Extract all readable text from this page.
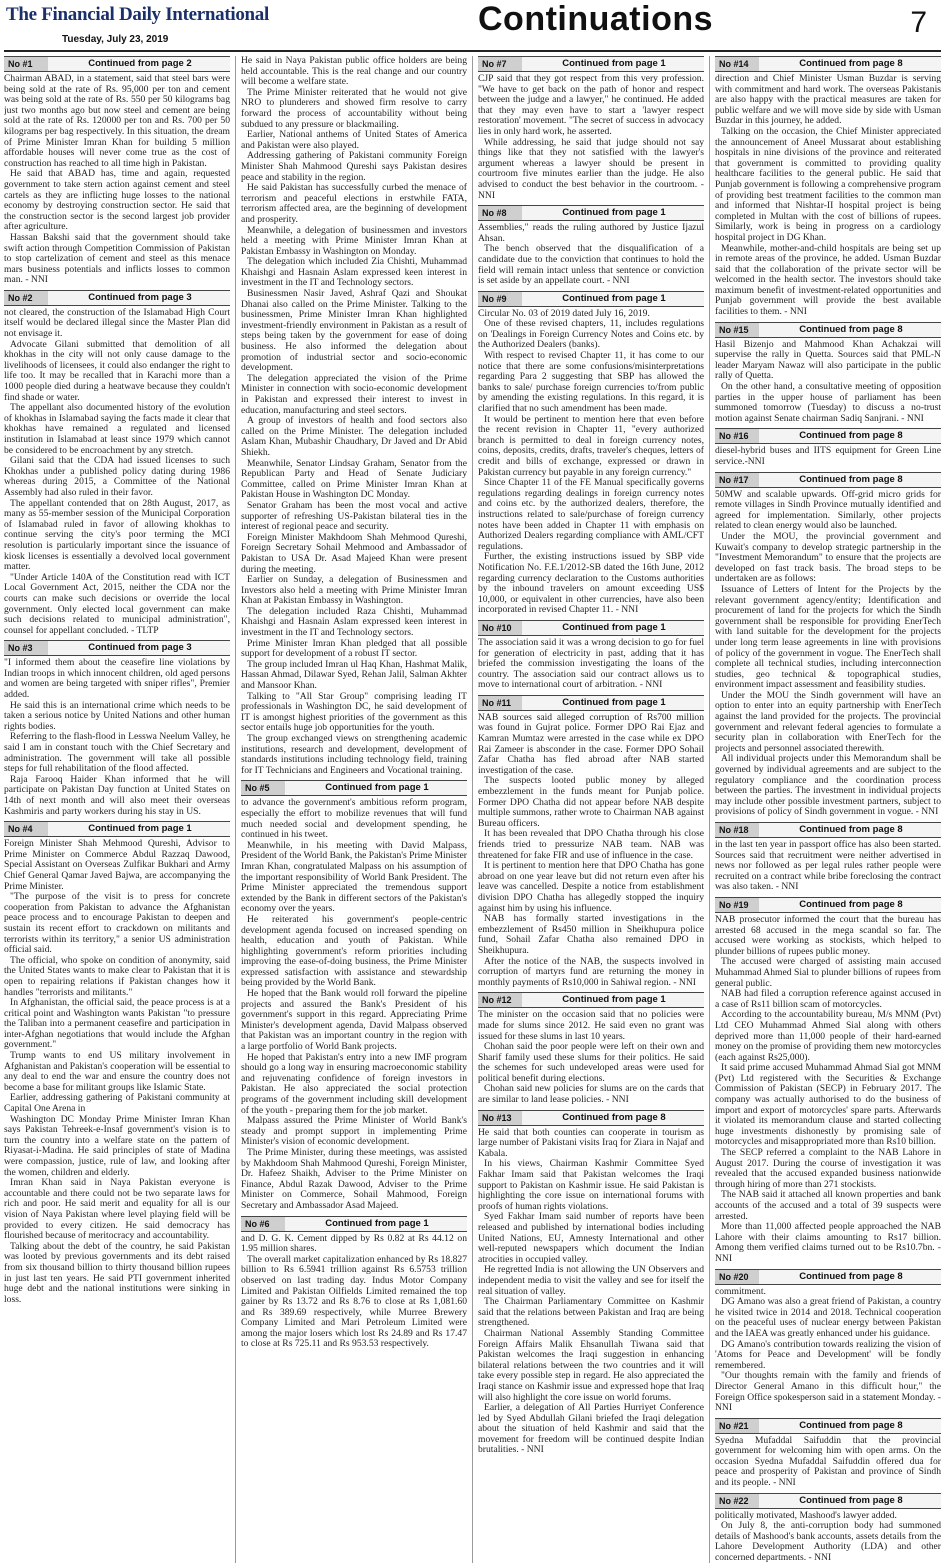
The Financial Daily International
Tuesday, July 23, 2019
Continuations	7
No #1	Continued from page 2

Chairman ABAD, in a statement, said that steel bars were being sold at the rate of Rs. 95,000 per ton and cement was being sold at the rate of Rs. 550 per 50 kilograms bag just two months ago but now steel and cement are being sold at the rate of Rs. 120000 per ton and Rs. 700 per 50 kilograms per bag respectively. In this situation, the dream of Prime Minister Imran Khan for building 5 million affordable houses will never come true as the cost of construction has reached to all time high in Pakistan.

He said that ABAD has, time and again, requested government to take stern action against cement and steel cartels as they are inflicting huge losses to the national economy by destroying construction sector. He said that the construction sector is the second largest job provider after agriculture.

Hassan Bakshi said that the government should take swift action through Competition Commission of Pakistan to stop cartelization of cement and steel as this menace mars business potentials and inflicts losses to common man. - NNI

No #2	Continued from page 3

not cleared, the construction of the Islamabad High Court itself would be declared illegal since the Master Plan did not envisage it.

Advocate Gilani submitted that demolition of all khokhas in the city will not only cause damage to the livelihoods of licensees, it could also endanger the right to life too. It may be recalled that in Karachi more than a 1000 people died during a heatwave because they couldn't find shade or water.

The appellant also documented history of the evolution of khokhas in Islamabad saying the facts made it clear that khokhas have remained a regulated and licensed institution in Islamabad at least since 1979 which cannot be considered to be encroachment by any stretch.

Gilani said that the CDA had issued licenses to such Khokhas under a published policy dating during 1986 whereas during 2015, a Committee of the National Assembly had also ruled in their favor.

The appellant contended that on 28th August, 2017, as many as 55-member session of the Municipal Corporation of Islamabad ruled in favor of allowing khokhas to continue serving the city's poor terming the MCI resolution is particularly important since the issuance of kiosk licenses is essentially a devolved local government matter.

"Under Article 140A of the Constitution read with ICT Local Government Act, 2015, neither the CDA nor the courts can make such decisions or override the local government. Only elected local government can make such decisions related to municipal administration", counsel for appellant concluded. - TLTP

No #3	Continued from page 3

"I informed them about the ceasefire line violations by Indian troops in which innocent children, old aged persons and women are being targeted with sniper rifles", Premier added.

He said this is an international crime which needs to be taken a serious notice by United Nations and other human rights bodies.

Referring to the flash-flood in Lesswa Neelum Valley, he said I am in constant touch with the Chief Secretary and administration. The government will take all possible steps for full rehabilitation of the flood affected.

Raja Farooq Haider Khan informed that he will participate on Pakistan Day function at United States on 14th of next month and will also meet their overseas Kashmiris and party workers during his stay in US.

No #4	Continued from page 1

Foreign Minister Shah Mehmood Qureshi, Advisor to Prime Minister on Commerce Abdul Razzaq Dawood, Special Assistant on Overseas Zulfikar Bukhari and Army Chief General Qamar Javed Bajwa, are accompanying the Prime Minister.

"The purpose of the visit is to press for concrete cooperation from Pakistan to advance the Afghanistan peace process and to encourage Pakistan to deepen and sustain its recent effort to crackdown on militants and terrorists within its territory," a senior US administration official said.

The official, who spoke on condition of anonymity, said the United States wants to make clear to Pakistan that it is open to repairing relations if Pakistan changes how it handles "terrorists and militants."

In Afghanistan, the official said, the peace process is at a critical point and Washington wants Pakistan "to pressure the Taliban into a permanent ceasefire and participation in inter-Afghan negotiations that would include the Afghan government."

Trump wants to end US military involvement in Afghanistan and Pakistan's cooperation will be essential to any deal to end the war and ensure the country does not become a base for militant groups like Islamic State.

Earlier, addressing gathering of Pakistani community at Capital One Arena in

Washington DC Monday Prime Minister Imran Khan says Pakistan Tehreek-e-Insaf government's vision is to turn the country into a welfare state on the pattern of Riyasat-i-Madina. He said principles of state of Madina were compassion, justice, rule of law, and looking after the women, children and elderly.

Imran Khan said in Naya Pakistan everyone is accountable and there could not be two separate laws for rich and poor. He said merit and equality for all is our vision of Naya Pakistan where level playing field will be provided to every citizen. He said democracy has flourished because of meritocracy and accountability.

Talking about the debt of the country, he said Pakistan was looted by previous governments and its debt raised from six thousand billion to thirty thousand billion rupees in just last ten years. He said PTI government inherited huge debt and the national institutions were sinking in loss.

He said in Naya Pakistan public office holders are being held accountable. This is the real change and our country will become a welfare state.

The Prime Minister reiterated that he would not give NRO to plunderers and showed firm resolve to carry forward the process of accountability without being subdued to any pressure or blackmailing.

Earlier, National anthems of United States of America and Pakistan were also played.

Addressing gathering of Pakistani community Foreign Minister Shah Mahmood Qureshi says Pakistan desires peace and stability in the region.

He said Pakistan has successfully curbed the menace of terrorism and peaceful elections in erstwhile FATA, terrorism affected area, are the beginning of development and prosperity.

Meanwhile, a delegation of businessmen and investors held a meeting with Prime Minister Imran Khan at Pakistan Embassy in Washington on Monday.

The delegation which included Zia Chishti, Muhammad Khaishgi and Hasnain Aslam expressed keen interest in investment in the IT and Technology sectors.

Businessmen Nasir Javed, Ashraf Qazi and Shoukat Dhanai also called on the Prime Minister. Talking to the businessmen, Prime Minister Imran Khan highlighted investment-friendly environment in Pakistan as a result of steps being taken by the government for ease of doing business. He also informed the delegation about promotion of industrial sector and socio-economic development.

The delegation appreciated the vision of the Prime Minister in connection with socio-economic development in Pakistan and expressed their interest to invest in education, manufacturing and steel sectors.

A group of investors of health and food sectors also called on the Prime Minister. The delegation included Aslam Khan, Mubashir Chaudhary, Dr Javed and Dr Abid Shiekh.

Meanwhile, Senator Lindsay Graham, Senator from the Republican Party and Head of Senate Judiciary Committee, called on Prime Minister Imran Khan at Pakistan House in Washington DC Monday.

Senator Graham has been the most vocal and active supporter of refreshing US-Pakistan bilateral ties in the interest of regional peace and security.

Foreign Minister Makhdoom Shah Mehmood Qureshi, Foreign Secretary Sohail Mehmood and Ambassador of Pakistan to USA Dr. Asad Majeed Khan were present during the meeting.

Earlier on Sunday, a delegation of Businessmen and Investors also held a meeting with Prime Minister Imran Khan at Pakistan Embassy in Washington.

The delegation included Raza Chishti, Muhammad Khaishgi and Hasnain Aslam expressed keen interest in investment in the IT and Technology sectors.

Prime Minister Imran Khan pledged that all possible support for development of a robust IT sector.

The group included Imran ul Haq Khan, Hashmat Malik, Hassan Ahmad, Dilawar Syed, Rehan Jalil, Salman Akhter and Mansoor Khan.

Talking to "All Star Group" comprising leading IT professionals in Washington DC, he said development of IT is amongst highest priorities of the government as this sector entails huge job opportunities for the youth.

The group exchanged views on strengthening academic institutions, research and development, development of standards institutions including technology field, training for IT Technicians and Engineers and Vocational training.

No #5	Continued from page 1

to advance the government's ambitious reform program, especially the effort to mobilize revenues that will fund much needed social and development spending, he continued in his tweet.

Meanwhile, in his meeting with David Malpass, President of the World Bank, the Pakistan's Prime Minister Imran Khan, congratulated Malpass on his assumption of the important responsibility of World Bank President. The Prime Minister appreciated the tremendous support extended by the Bank in different sectors of the Pakistan's economy over the years.

He reiterated his government's people-centric development agenda focused on increased spending on health, education and youth of Pakistan. While highlighting government's reform priorities including improving the ease-of-doing business, the Prime Minister expressed satisfaction with assistance and stewardship being provided by the World Bank.

He hoped that the Bank would roll forward the pipeline projects and assured the Bank's President of his government's support in this regard. Appreciating Prime Minister's development agenda, David Malpass observed that Pakistan was an important country in the region with a large portfolio of World Bank projects.

He hoped that Pakistan's entry into a new IMF program should go a long way in ensuring macroeconomic stability and rejuvenating confidence of foreign investors in Pakistan. He also appreciated the social protection programs of the government including skill development of the youth - preparing them for the job market.

Malpass assured the Prime Minister of World Bank's steady and prompt support in implementing Prime Minister's vision of economic development.

The Prime Minister, during these meetings, was assisted by Makhdoom Shah Mahmood Qureshi, Foreign Minister, Dr. Hafeez Shaikh, Adviser to the Prime Minister on Finance, Abdul Razak Dawood, Adviser to the Prime Minister on Commerce, Sohail Mahmood, Foreign Secretary and Ambassador Asad Majeed.

No #6	Continued from page 1

and D. G. K. Cement dipped by Rs 0.82 at Rs 44.12 on 1.95 million shares.

The overall market capitalization enhanced by Rs 18.827 billion to Rs 6.5941 trillion against Rs 6.5753 trillion observed on last trading day. Indus Motor Company Limited and Pakistan Oilfields Limited remained the top gainer by Rs 13.72 and Rs 8.76 to close at Rs 1,081.60 and Rs 389.69 respectively, while Murree Brewery Company Limited and Mari Petroleum Limited were among the major losers which lost Rs 24.89 and Rs 17.47 to close at Rs 725.11 and Rs 953.53 respectively.

No #7	Continued from page 1

CJP said that they got respect from this very profession. "We have to get back on the path of honor and respect between the judge and a lawyer," he continued. He added that they may even have to start a 'lawyer respect restoration' movement. "The secret of success in advocacy lies in only hard work, he asserted.

While addressing, he said that judge should not say things like that they not satisfied with the lawyer's argument whereas a lawyer should be present in courtroom five minutes earlier than the judge. He also advised to conduct the best behavior in the courtroom. - NNI

No #8	Continued from page 1

Assemblies," reads the ruling authored by Justice Ijazul Ahsan.

The bench observed that the disqualification of a candidate due to the conviction that continues to hold the field will remain intact unless that sentence or conviction is set aside by an appellate court. - NNI

No #9	Continued from page 1

Circular No. 03 of 2019 dated July 16, 2019.

One of these revised chapters, 11, includes regulations on 'Dealings in Foreign Currency Notes and Coins etc. by the Authorized Dealers (banks).

With respect to revised Chapter 11, it has come to our notice that there are some confusions/misinterpretations regarding Para 2 suggesting that SBP has allowed the banks to sale/ purchase foreign currencies to/from public by amending the existing regulations. In this regard, it is clarified that no such amendment has been made.

It would be pertinent to mention here that even before the recent revision in Chapter 11, "every authorized branch is permitted to deal in foreign currency notes, coins, deposits, credits, drafts, traveler's cheques, letters of credit and bills of exchange, expressed or drawn in Pakistan currency but payable in any foreign currency."

Since Chapter 11 of the FE Manual specifically governs regulations regarding dealings in foreign currency notes and coins etc. by the authorized dealers, therefore, the instructions related to sale/purchase of foreign currency notes have been added in Chapter 11 with emphasis on Authorized Dealers regarding compliance with AML/CFT regulations.

Further, the existing instructions issued by SBP vide Notification No. F.E.1/2012-SB dated the 16th June, 2012 regarding currency declaration to the Customs authorities by the inbound travelers on amount exceeding US$ 10,000, or equivalent in other currencies, have also been incorporated in revised Chapter 11. - NNI

No #10	Continued from page 1

The association said it was a wrong decision to go for fuel for generation of electricity in past, adding that it has briefed the commission investigating the loans of the country. The association said our contract allows us to move to international court of arbitration. - NNI

No #11	Continued from page 1

NAB sources said alleged corruption of Rs700 million was found in Gujrat police. Former DPO Rai Ejaz and Kamran Mumtaz were arrested in the case while ex DPO Rai Zameer is absconder in the case. Former DPO Sohail Zafar Chatha has fled abroad after NAB started investigation of the case.

The suspects looted public money by alleged embezzlement in the funds meant for Punjab police. Former DPO Chatha did not appear before NAB despite multiple summons, rather wrote to Chairman NAB against Bureau officers.

It has been revealed that DPO Chatha through his close friends tried to pressurize NAB team. NAB was threatened for fake FIR and use of influence in the case.

It is pertinent to mention here that DPO Chatha has gone abroad on one year leave but did not return even after his leave was cancelled. Despite a notice from establishment division DPO Chatha has allegedly stopped the inquiry against him by using his influence.

NAB has formally started investigations in the embezzlement of Rs450 million in Sheikhupura police fund, Sohail Zafar Chatha also remained DPO in Sheikhupura.

After the notice of the NAB, the suspects involved in corruption of martyrs fund are returning the money in monthly payments of Rs10,000 in Sahiwal region. - NNI

No #12	Continued from page 1

The minister on the occasion said that no policies were made for slums since 2012. He said even no grant was issued for these slums in last 10 years.

Chohan said the poor people were left on their own and Sharif family used these slums for their politics. He said the schemes for such undeveloped areas were used for political benefit during elections.

Chohan said new policies for slums are on the cards that are similar to land lease policies. - NNI

No #13	Continued from page 8

He said that both counties can cooperate in tourism as large number of Pakistani visits Iraq for Ziara in Najaf and Kabala.

In his views, Chairman Kashmir Committee Syed Fakhar Imam said that Pakistan welcomes the Iraqi support to Pakistan on Kashmir issue. He said Pakistan is highlighting the core issue on international forums with proofs of human rights violations.

Syed Fakhar Imam said number of reports have been released and published by international bodies including United Nations, EU, Amnesty International and other well-reputed newspapers which document the Indian atrocities in occupied valley.

He regretted India is not allowing the UN Observers and independent media to visit the valley and see for itself the real situation of valley.

The Chairman Parliamentary Committee on Kashmir said that the relations between Pakistan and Iraq are being strengthened.

Chairman National Assembly Standing Committee Foreign Affairs Malik Ehsanullah Tiwana said that Pakistan welcomes the Iraqi suggestion in enhancing bilateral relations between the two countries and it will take every possible step in regard. He also appreciated the Iraqi stance on Kashmir issue and expressed hope that Iraq will also highlight the core issue on world forums.

Earlier, a delegation of All Parties Hurriyet Conference led by Syed Abdullah Gilani briefed the Iraqi delegation about the situation of held Kashmir and said that the movement for freedom will be continued despite Indian brutalities. - NNI

No #14	Continued from page 8

direction and Chief Minister Usman Buzdar is serving with commitment and hard work. The overseas Pakistanis are also happy with the practical measures are taken for public welfare and we will move side by side with Usman Buzdar in this journey, he added.

Talking on the occasion, the Chief Minister appreciated the announcement of Aneel Mussarat about establishing hospitals in nine divisions of the province and reiterated that government is committed to providing quality healthcare facilities to the general public. He said that Punjab government is following a comprehensive program of providing best treatment facilities to the common man and informed that Nishtar-II hospital project is being completed in Multan with the cost of billions of rupees. Similarly, work is being in progress on a cardiology hospital project in DG Khan.

Meanwhile, mother-and-child hospitals are being set up in remote areas of the province, he added. Usman Buzdar said that the collaboration of the private sector will be welcomed in the health sector. The investors should take maximum benefit of investment-related opportunities and Punjab government will provide the best available facilities to them. - NNI

No #15	Continued from page 8

Hasil Bizenjo and Mahmood Khan Achakzai will supervise the rally in Quetta. Sources said that PML-N leader Maryam Nawaz will also participate in the public rally of Quetta.

On the other hand, a consultative meeting of opposition parties in the upper house of parliament has been summoned tomorrow (Tuesday) to discuss a no-trust motion against Senate chairman Sadiq Sanjrani. - NNI

No #16	Continued from page 8

diesel-hybrid buses and IITS equipment for Green Line service.-NNI

No #17	Continued from page 8

50MW and scalable upwards. Off-grid micro grids for remote villages in Sindh Province mutually identified and agreed for implementation. Similarly, other projects related to clean energy would also be launched.

Under the MOU, the provincial government and Kuwait's company to develop strategic partnership in the "Investment Memorandum" to ensure that the projects are developed on fast track basis. The broad steps to be undertaken are as follows:

Issuance of Letters of Intent for the Projects by the relevant government agency/entity; Identification and procurement of land for the projects for which the Sindh government shall be responsible for providing EnerTech with land suitable for the development for the projects under long term lease agreements in line with provisions of policy of the government in vogue. The EnerTech shall complete all technical studies, including interconnection studies, geo technical & topographical studies, environment impact assessment and feasibility studies.

Under the MOU the Sindh government will have an option to enter into an equity partnership with EnerTech against the land provided for the projects. The provincial government and relevant federal agencies to formulate a security plan in collaboration with EnerTech for the projects and personnel associated therewith.

All individual projects under this Memorandum shall be governed by individual agreements and are subject to the regulatory compliance and the coordination process between the parties. The investment in individual projects may include other possible investment partners, subject to provisions of policy of Sindh government in vogue. - NNI

No #18	Continued from page 8

in the last ten year in passport office has also been started. Sources said that recruitment were neither advertised in news nor followed as per legal rules rather people were recruited on a contract while bribe foreclosing the contract was also taken. - NNI

No #19	Continued from page 8

NAB prosecutor informed the court that the bureau has arrested 68 accused in the mega scandal so far. The accused were working as stockists, which helped to plunder billions of rupees public money.

The accused were charged of assisting main accused Muhammad Ahmed Sial to plunder billions of rupees from general public.

NAB had filed a corruption reference against accused in a case of Rs11 billion scam of motorcycles.

According to the accountability bureau, M/s MNM (Pvt) Ltd CEO Muhammad Ahmed Sial along with others deprived more than 11,000 people of their hard-earned money on the promise of providing them new motorcycles (each against Rs25,000).

It said prime accused Muhammad Ahmad Sial got MNM (Pvt) Ltd registered with the Securities & Exchange Commission of Pakistan (SECP) in February 2017. The company was actually authorised to do the business of import and export of motorcycles' spare parts. Afterwards it violated its memorandum clause and started collecting huge investments dishonestly by promising sale of motorcycles and misappropriated more than Rs10 billion.

The SECP referred a complaint to the NAB Lahore in August 2017. During the course of investigation it was revealed that the accused expanded business nationwide through hiring of more than 271 stockists.

The NAB said it attached all known properties and bank accounts of the accused and a total of 39 suspects were arrested.

More than 11,000 affected people approached the NAB Lahore with their claims amounting to Rs17 billion. Among them verified claims turned out to be Rs10.7bn. - NNI

No #20	Continued from page 8

commitment.

DG Amano was also a great friend of Pakistan, a country he visited twice in 2014 and 2018. Technical cooperation on the peaceful uses of nuclear energy between Pakistan and the IAEA was greatly enhanced under his guidance.

DG Amano's contribution towards realizing the vision of 'Atoms for Peace and Development' will be fondly remembered.

"Our thoughts remain with the family and friends of Director General Amano in this difficult hour," the Foreign Office spokesperson said in a statement Monday. - NNI

No #21	Continued from page 8

Syedna Mufaddal Saifuddin that the provincial government for welcoming him with open arms. On the occasion Syedna Mufaddal Saifuddin offered dua for peace and prosperity of Pakistan and province of Sindh and its people. - NNI

No #22	Continued from page 8

politically motivated, Mashood's lawyer added.

On July 8, the anti-corruption body had summoned details of Mashood's bank accounts, assets details from the Lahore Development Authority (LDA) and other concerned departments. - NNI
